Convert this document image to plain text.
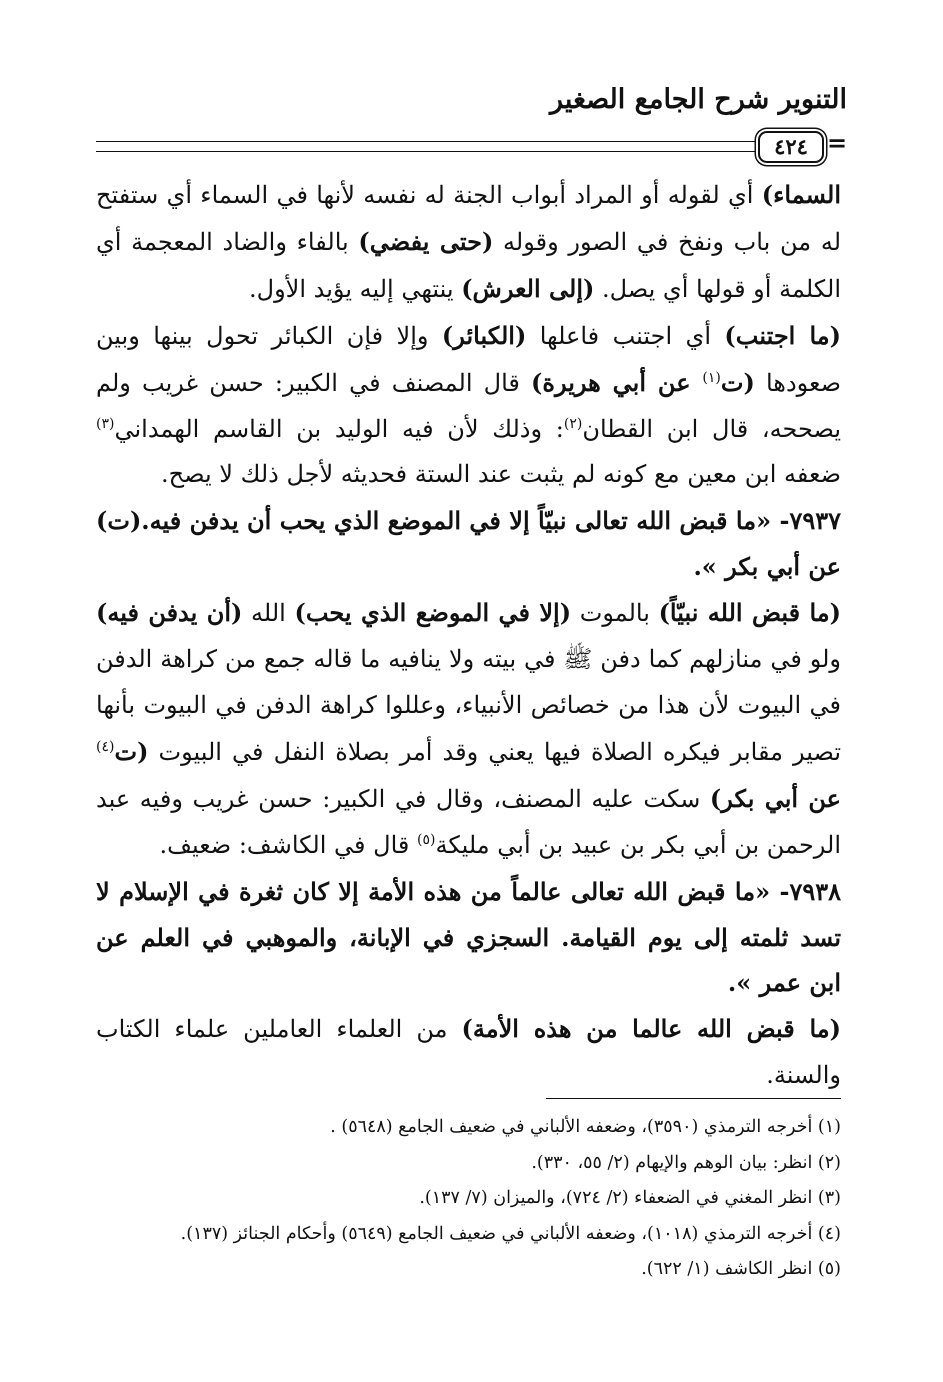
التنوير شرح الجامع الصغير
٤٢٤ =

السماء) أي لقوله أو المراد أبواب الجنة له نفسه لأنها في السماء أي ستفتح له من باب ونفخ في الصور وقوله (حتى يفضي) بالفاء والضاد المعجمة أي الكلمة أو قولها أي يصل. (إلى العرش) ينتهي إليه يؤيد الأول.

(ما اجتنب) أي اجتنب فاعلها (الكبائر) وإلا فإن الكبائر تحول بينها وبين صعودها (ت$^{(١)}$ عن أبي هريرة) قال المصنف في الكبير: حسن غريب ولم يصححه، قال ابن القطان$^{(٢)}$: وذلك لأن فيه الوليد بن القاسم الهمداني$^{(٣)}$ ضعفه ابن معين مع كونه لم يثبت عند الستة فحديثه لأجل ذلك لا يصح.

٧٩٣٧- «ما قبض الله تعالى نبيّاً إلا في الموضع الذي يحب أن يدفن فيه.(ت) عن أبي بكر ».

(ما قبض الله نبيّاً) بالموت (إلا في الموضع الذي يحب) الله (أن يدفن فيه) ولو في منازلهم كما دفن ﷺ في بيته ولا ينافيه ما قاله جمع من كراهة الدفن في البيوت لأن هذا من خصائص الأنبياء، وعللوا كراهة الدفن في البيوت بأنها تصير مقابر فيكره الصلاة فيها يعني وقد أمر بصلاة النفل في البيوت (ت$^{(٤)}$ عن أبي بكر) سكت عليه المصنف، وقال في الكبير: حسن غريب وفيه عبد الرحمن بن أبي بكر بن عبيد بن أبي مليكة$^{(٥)}$ قال في الكاشف: ضعيف.

٧٩٣٨- «ما قبض الله تعالى عالماً من هذه الأمة إلا كان ثغرة في الإسلام لا تسد ثلمته إلى يوم القيامة. السجزي في الإبانة، والموهبي في العلم عن ابن عمر ».

(ما قبض الله عالما من هذه الأمة) من العلماء العاملين علماء الكتاب والسنة.

(١) أخرجه الترمذي (٣٥٩٠)، وضعفه الألباني في ضعيف الجامع (٥٦٤٨) .

(٢) انظر: بيان الوهم والإيهام (٢/ ٥٥، ٣٣٠).

(٣) انظر المغني في الضعفاء (٢/ ٧٢٤)، والميزان (٧/ ١٣٧).

(٤) أخرجه الترمذي (١٠١٨)، وضعفه الألباني في ضعيف الجامع (٥٦٤٩) وأحكام الجنائز (١٣٧).

(٥) انظر الكاشف (١/ ٦٢٢).
